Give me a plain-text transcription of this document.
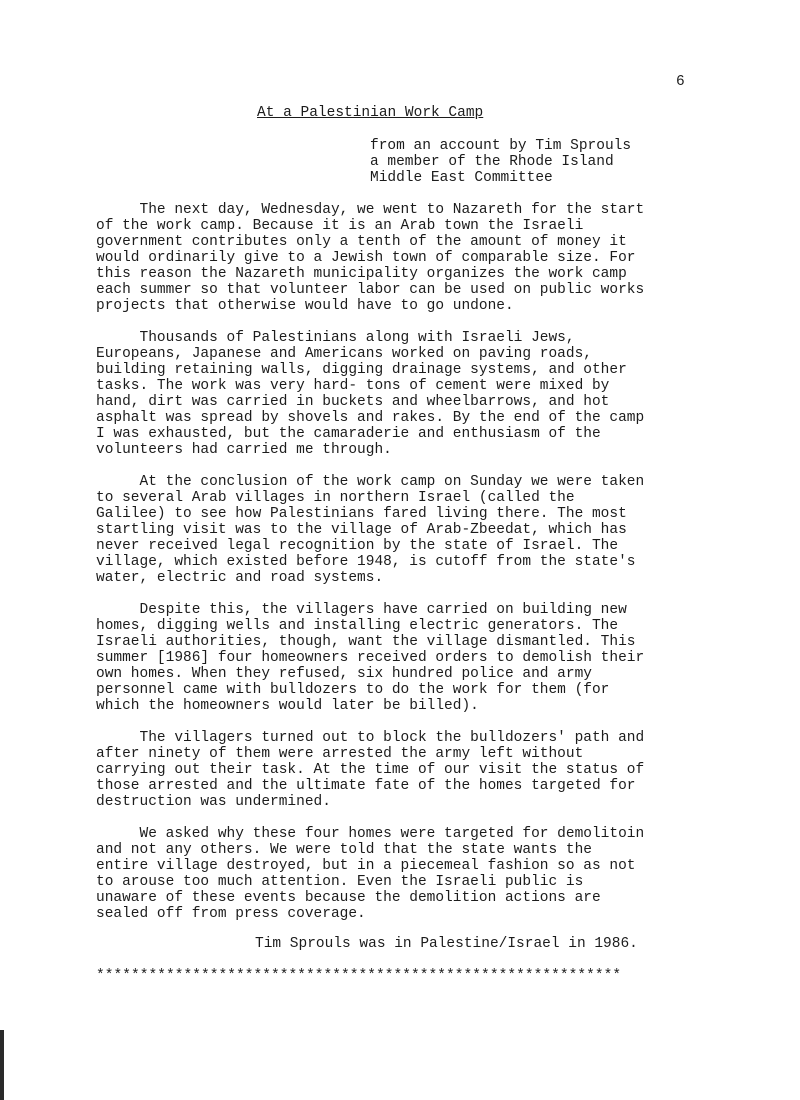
6
At a Palestinian Work Camp
from an account by Tim Sprouls
a member of the Rhode Island
Middle East Committee
The next day, Wednesday, we went to Nazareth for the start
of the work camp. Because it is an Arab town the Israeli
government contributes only a tenth of the amount of money it
would ordinarily give to a Jewish town of comparable size. For
this reason the Nazareth municipality organizes the work camp
each summer so that volunteer labor can be used on public works
projects that otherwise would have to go undone.
Thousands of Palestinians along with Israeli Jews,
Europeans, Japanese and Americans worked on paving roads,
building retaining walls, digging drainage systems, and other
tasks. The work was very hard- tons of cement were mixed by
hand, dirt was carried in buckets and wheelbarrows, and hot
asphalt was spread by shovels and rakes. By the end of the camp
I was exhausted, but the camaraderie and enthusiasm of the
volunteers had carried me through.
At the conclusion of the work camp on Sunday we were taken
to several Arab villages in northern Israel (called the
Galilee) to see how Palestinians fared living there. The most
startling visit was to the village of Arab-Zbeedat, which has
never received legal recognition by the state of Israel. The
village, which existed before 1948, is cutoff from the state's
water, electric and road systems.
Despite this, the villagers have carried on building new
homes, digging wells and installing electric generators. The
Israeli authorities, though, want the village dismantled. This
summer [1986] four homeowners received orders to demolish their
own homes. When they refused, six hundred police and army
personnel came with bulldozers to do the work for them (for
which the homeowners would later be billed).
The villagers turned out to block the bulldozers' path and
after ninety of them were arrested the army left without
carrying out their task. At the time of our visit the status of
those arrested and the ultimate fate of the homes targeted for
destruction was undermined.
We asked why these four homes were targeted for demolitoin
and not any others. We were told that the state wants the
entire village destroyed, but in a piecemeal fashion so as not
to arouse too much attention. Even the Israeli public is
unaware of these events because the demolition actions are
sealed off from press coverage.
Tim Sprouls was in Palestine/Israel in 1986.
************************************************************
